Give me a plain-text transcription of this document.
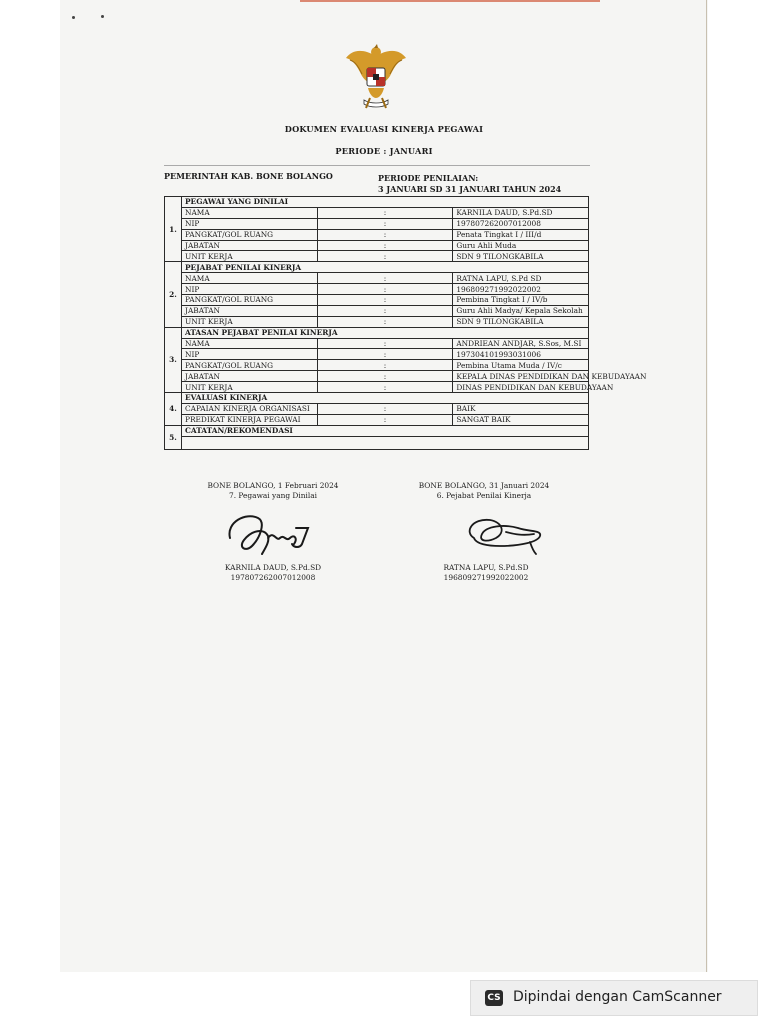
DOKUMEN EVALUASI KINERJA PEGAWAI
PERIODE : JANUARI
PEMERINTAH KAB. BONE BOLANGO	PERIODE PENILAIAN:
3 JANUARI SD 31 JANUARI TAHUN 2024
1.	PEGAWAI YANG DINILAI		
	NAMA	:	KARNILA DAUD, S.Pd.SD
	NIP	:	197807262007012008
	PANGKAT/GOL RUANG	:	Penata Tingkat I / III/d
	JABATAN	:	Guru Ahli Muda
	UNIT KERJA	:	SDN 9 TILONGKABILA
2.	PEJABAT PENILAI KINERJA		
	NAMA	:	RATNA LAPU, S.Pd SD
	NIP	:	196809271992022002
	PANGKAT/GOL RUANG	:	Pembina Tingkat I / IV/b
	JABATAN	:	Guru Ahli Madya/ Kepala Sekolah
	UNIT KERJA	:	SDN 9 TILONGKABILA
3.	ATASAN PEJABAT PENILAI KINERJA		
	NAMA	:	ANDRIEAN ANDJAR, S.Sos, M.SI
	NIP	:	197304101993031006
	PANGKAT/GOL RUANG	:	Pembina Utama Muda / IV/c
	JABATAN	:	KEPALA DINAS PENDIDIKAN DAN KEBUDAYAAN
	UNIT KERJA	:	DINAS PENDIDIKAN DAN KEBUDAYAAN
4.	EVALUASI KINERJA		
	CAPAIAN KINERJA ORGANISASI	:	BAIK
	PREDIKAT KINERJA PEGAWAI	:	SANGAT BAIK
5.	CATATAN/REKOMENDASI		

BONE BOLANGO, 1 Februari 2024
7. Pegawai yang Dinilai
BONE BOLANGO, 31 Januari 2024
6. Pejabat Penilai Kinerja
KARNILA DAUD, S.Pd.SD
197807262007012008
RATNA LAPU, S.Pd.SD
196809271992022002
CS Dipindai dengan CamScanner
